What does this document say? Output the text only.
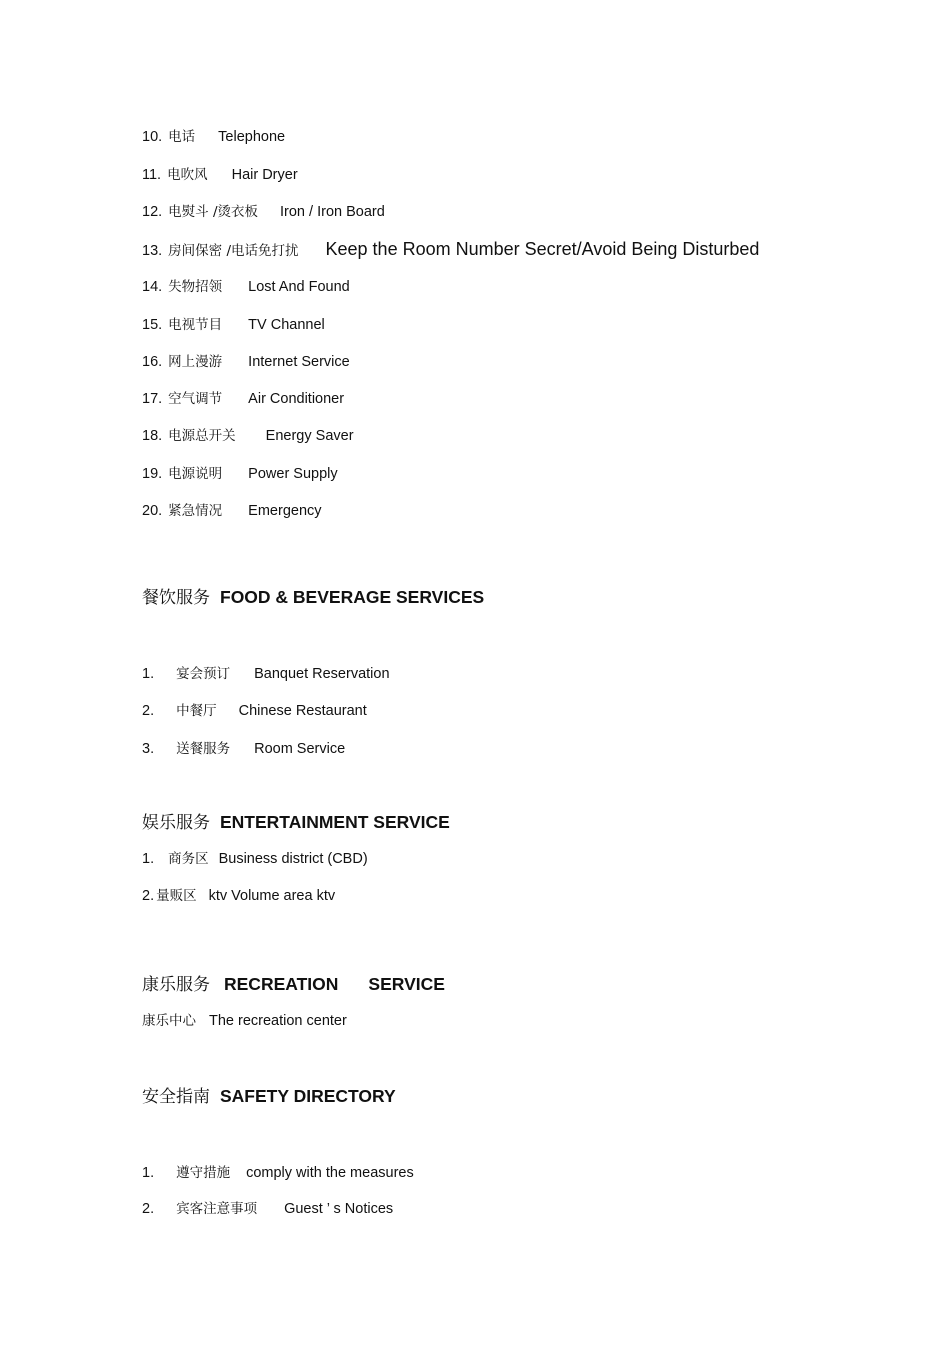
10. 电话 Telephone
11. 电吹风 Hair Dryer
12. 电熨斗 /烫衣板 Iron / Iron Board
13. 房间保密 /电话免打扰 Keep the Room Number Secret/Avoid Being Disturbed
14. 失物招领 Lost And Found
15. 电视节目 TV Channel
16. 网上漫游 Internet Service
17. 空气调节 Air Conditioner
18. 电源总开关 Energy Saver
19. 电源说明 Power Supply
20. 紧急情况 Emergency
餐饮服务 FOOD & BEVERAGE SERVICES
1. 宴会预订 Banquet Reservation
2. 中餐厅 Chinese Restaurant
3. 送餐服务 Room Service
娱乐服务 ENTERTAINMENT SERVICE
1. 商务区 Business district (CBD)
2. 量贩区 ktv Volume area ktv
康乐服务 RECREATION SERVICE
康乐中心 The recreation center
安全指南 SAFETY DIRECTORY
1. 遵守措施 comply with the measures
2. 宾客注意事项 Guest ’ s Notices
